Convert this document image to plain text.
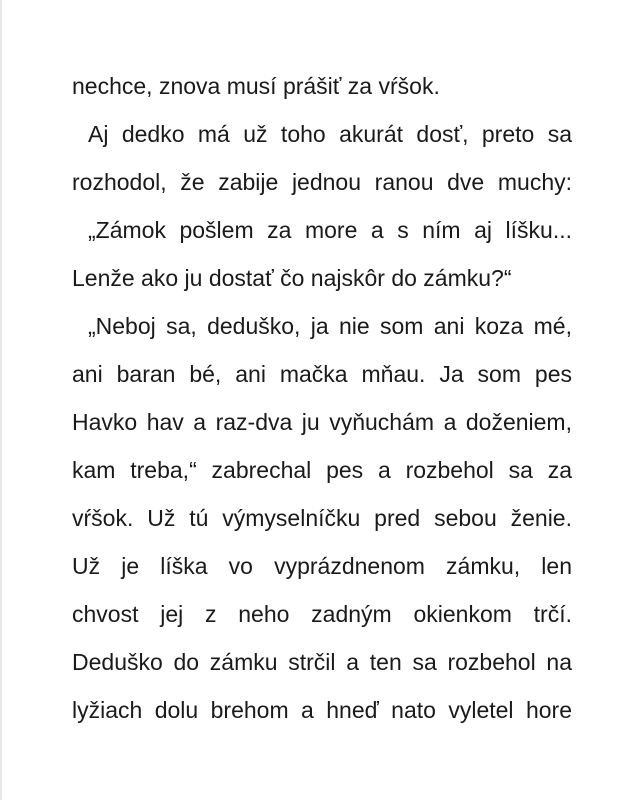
nechce, znova musí prášiť za vŕšok.
Aj dedko má už toho akurát dosť, preto sa
rozhodol, že zabije jednou ranou dve muchy:
„Zámok pošlem za more a s ním aj líšku...
Lenže ako ju dostať čo najskôr do zámku?“
„Neboj sa, deduško, ja nie som ani koza mé,
ani baran bé, ani mačka mňau. Ja som pes
Havko hav a raz-dva ju vyňuchám a doženiem,
kam treba,“ zabrechal pes a rozbehol sa za
vŕšok. Už tú výmyselníčku pred sebou ženie.
Už je líška vo vyprázdnenom zámku, len
chvost jej z neho zadným okienkom trčí.
Deduško do zámku strčil a ten sa rozbehol na
lyžiach dolu brehom a hneď nato vyletel hore
